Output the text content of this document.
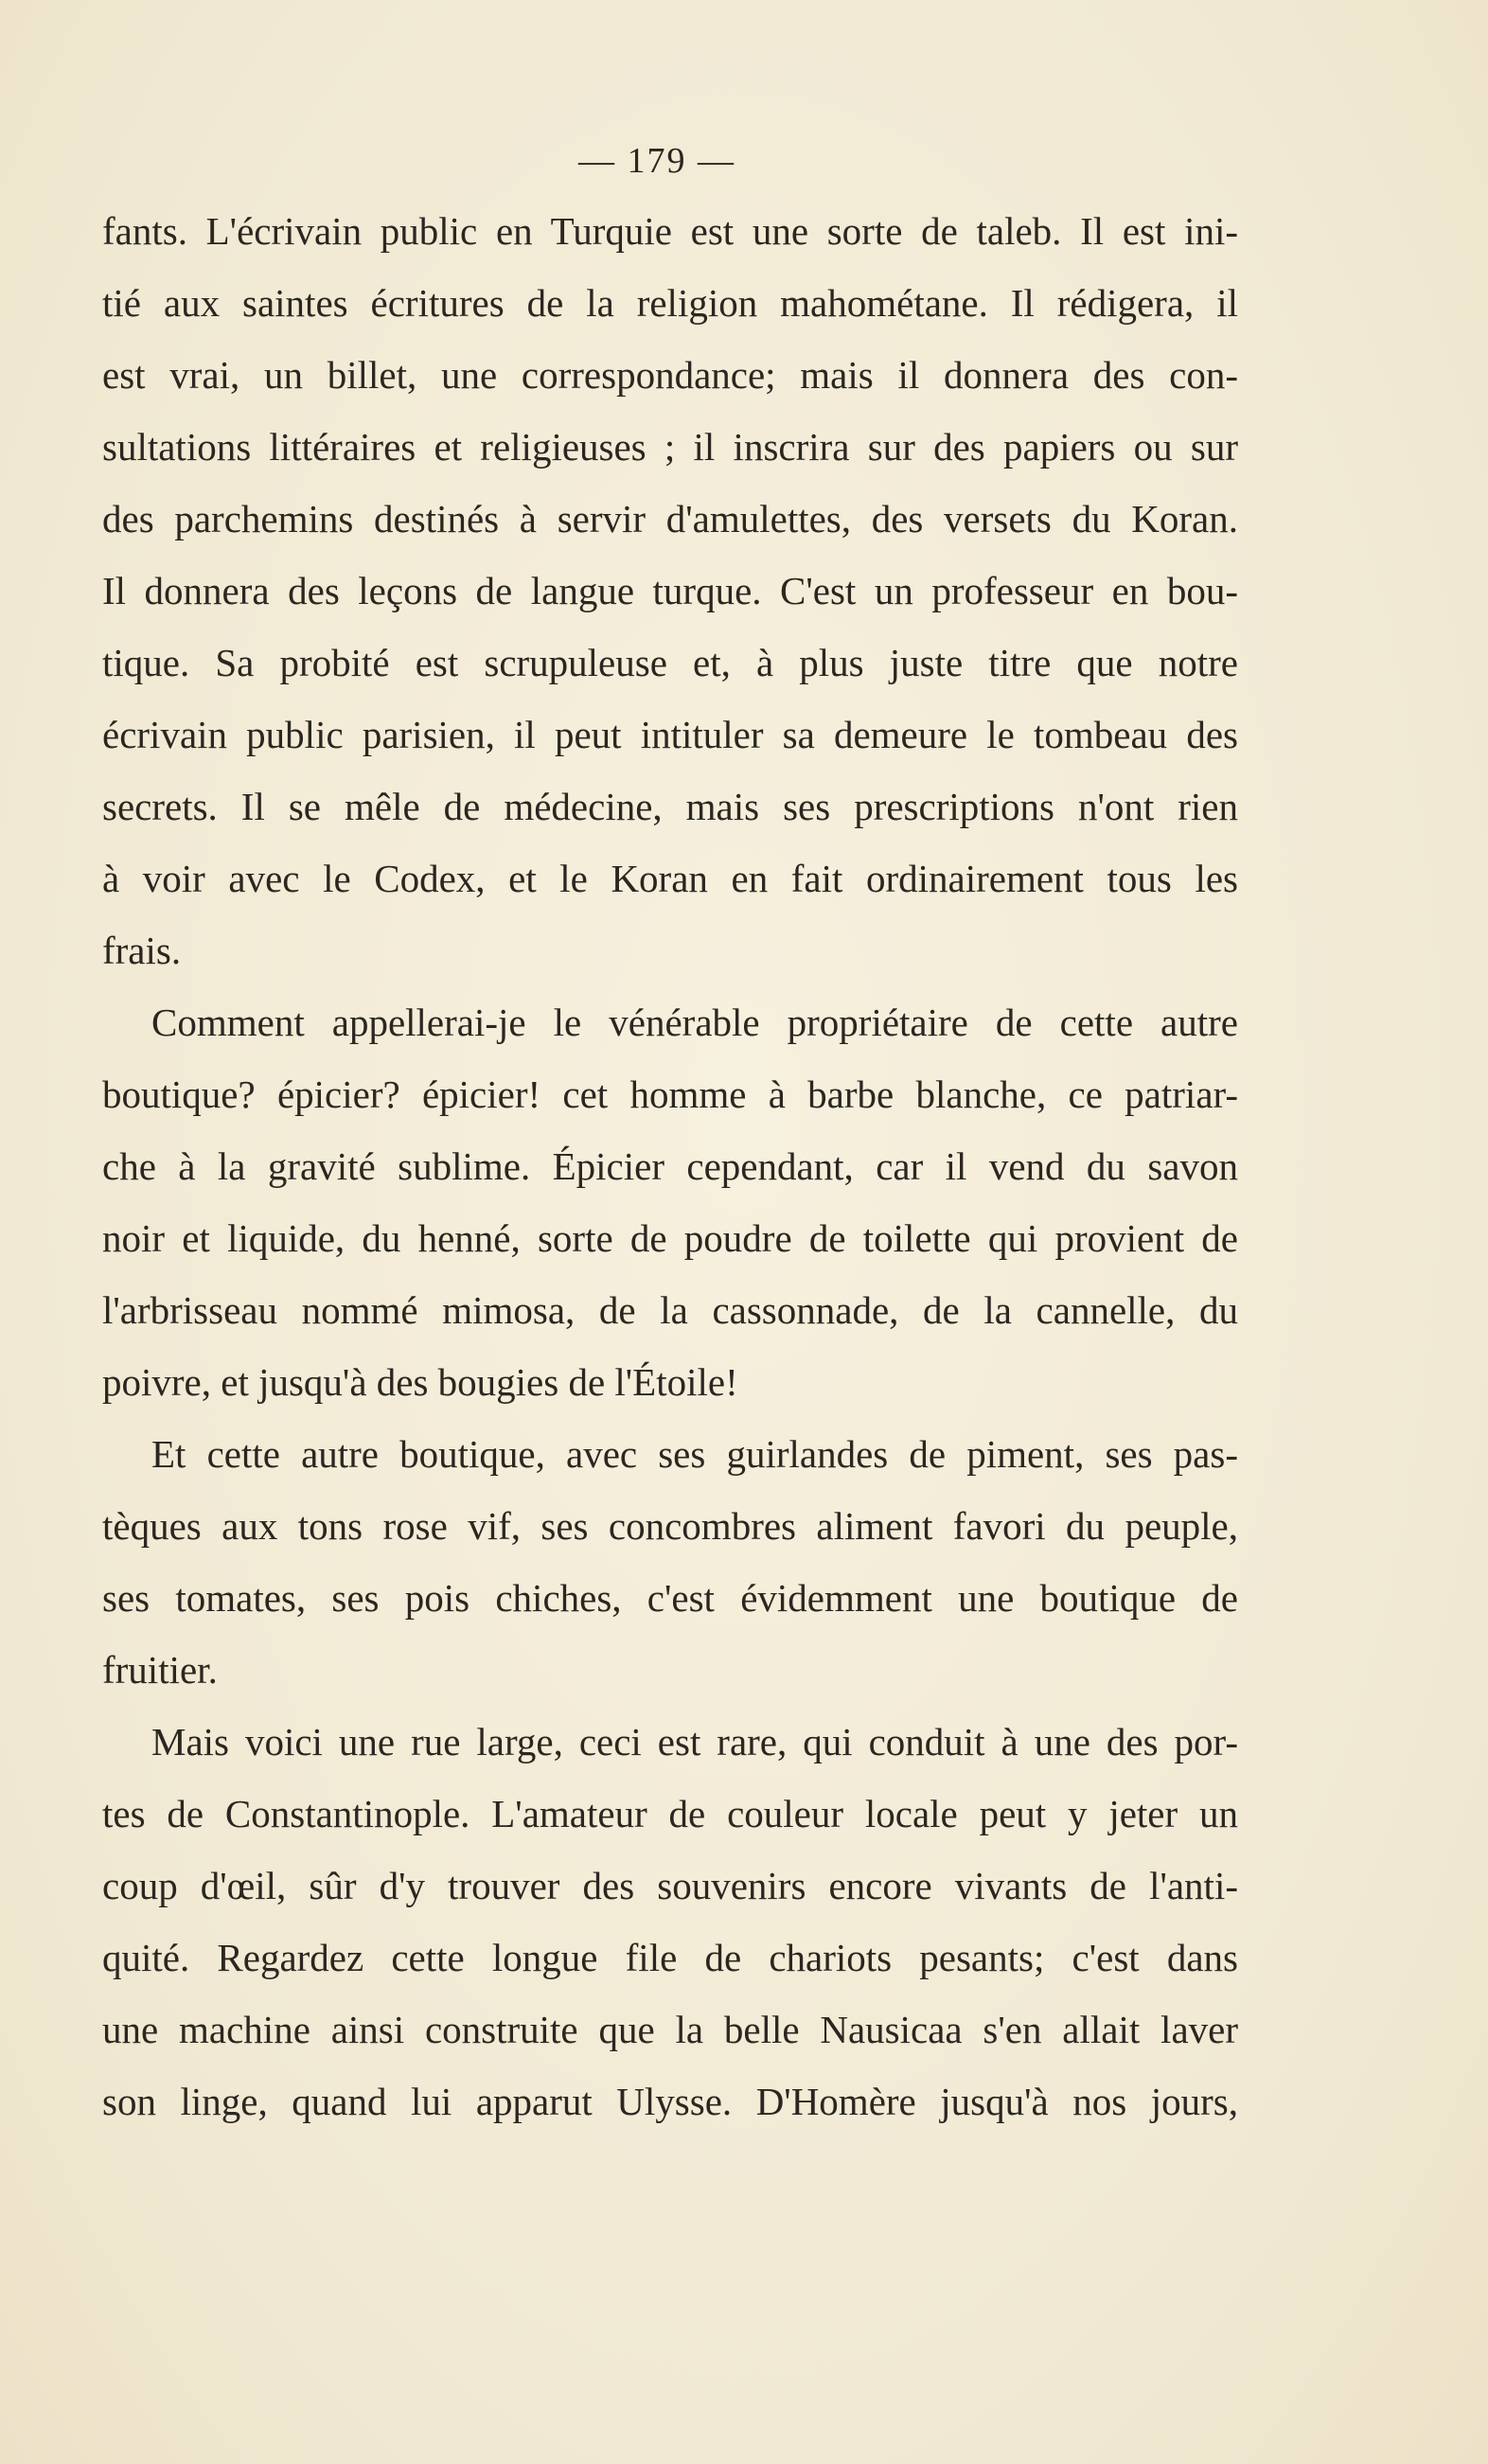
— 179 —
fants. L'écrivain public en Turquie est une sorte de taleb. Il est ini-
tié aux saintes écritures de la religion mahométane. Il rédigera, il
est vrai, un billet, une correspondance; mais il donnera des con-
sultations littéraires et religieuses ; il inscrira sur des papiers ou sur
des parchemins destinés à servir d'amulettes, des versets du Koran.
Il donnera des leçons de langue turque. C'est un professeur en bou-
tique. Sa probité est scrupuleuse et, à plus juste titre que notre
écrivain public parisien, il peut intituler sa demeure le tombeau des
secrets. Il se mêle de médecine, mais ses prescriptions n'ont rien
à voir avec le Codex, et le Koran en fait ordinairement tous les
frais.
Comment appellerai-je le vénérable propriétaire de cette autre
boutique? épicier? épicier! cet homme à barbe blanche, ce patriar-
che à la gravité sublime. Épicier cependant, car il vend du savon
noir et liquide, du henné, sorte de poudre de toilette qui provient de
l'arbrisseau nommé mimosa, de la cassonnade, de la cannelle, du
poivre, et jusqu'à des bougies de l'Étoile!
Et cette autre boutique, avec ses guirlandes de piment, ses pas-
tèques aux tons rose vif, ses concombres aliment favori du peuple,
ses tomates, ses pois chiches, c'est évidemment une boutique de
fruitier.
Mais voici une rue large, ceci est rare, qui conduit à une des por-
tes de Constantinople. L'amateur de couleur locale peut y jeter un
coup d'œil, sûr d'y trouver des souvenirs encore vivants de l'anti-
quité. Regardez cette longue file de chariots pesants; c'est dans
une machine ainsi construite que la belle Nausicaa s'en allait laver
son linge, quand lui apparut Ulysse. D'Homère jusqu'à nos jours,
